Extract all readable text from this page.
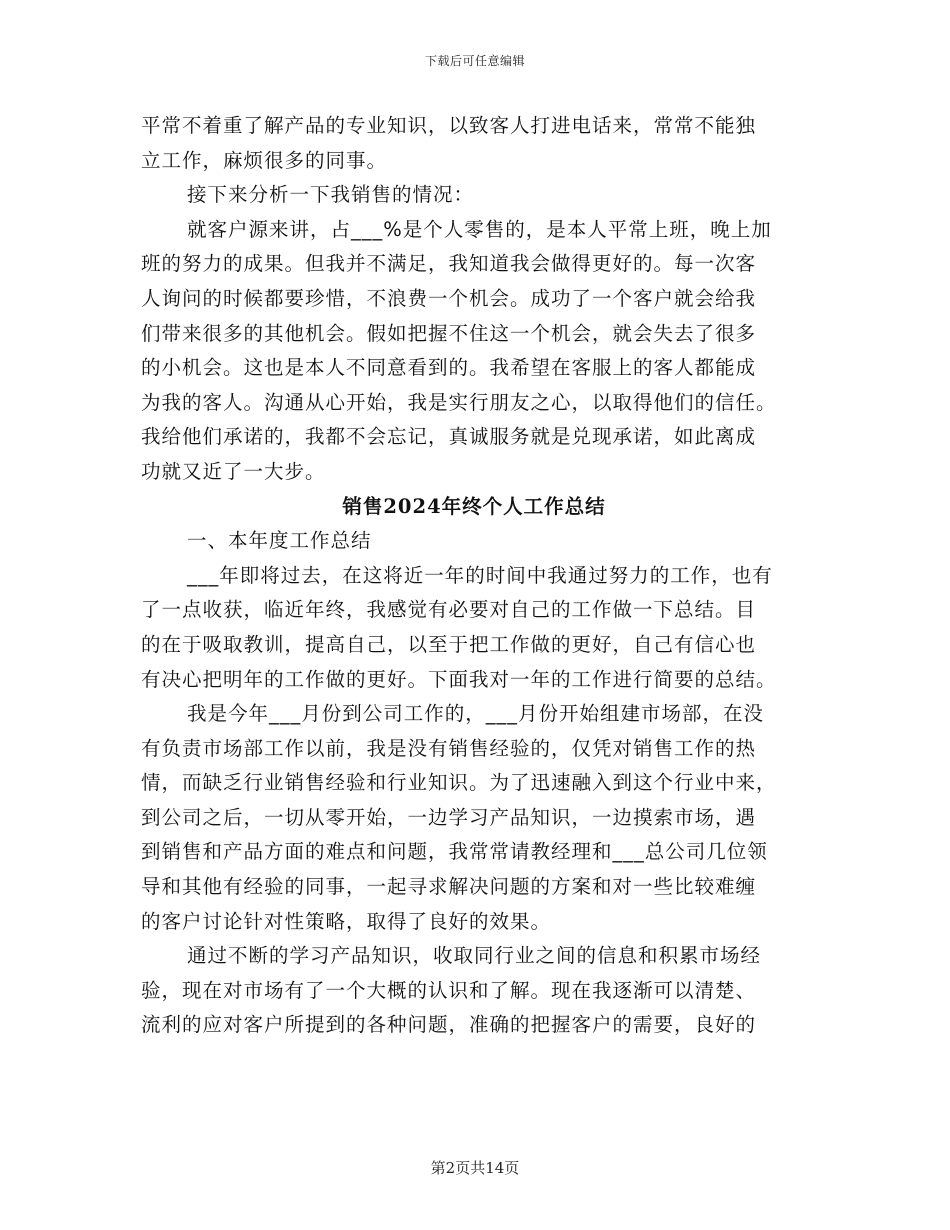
下载后可任意编辑
平常不着重了解产品的专业知识，以致客人打进电话来，常常不能独
立工作，麻烦很多的同事。
接下来分析一下我销售的情况：
就客户源来讲，占___%是个人零售的，是本人平常上班，晚上加
班的努力的成果。但我并不满足，我知道我会做得更好的。每一次客
人询问的时候都要珍惜，不浪费一个机会。成功了一个客户就会给我
们带来很多的其他机会。假如把握不住这一个机会，就会失去了很多
的小机会。这也是本人不同意看到的。我希望在客服上的客人都能成
为我的客人。沟通从心开始，我是实行朋友之心，以取得他们的信任。
我给他们承诺的，我都不会忘记，真诚服务就是兑现承诺，如此离成
功就又近了一大步。
销售2024年终个人工作总结
一、本年度工作总结
___年即将过去，在这将近一年的时间中我通过努力的工作，也有
了一点收获，临近年终，我感觉有必要对自己的工作做一下总结。目
的在于吸取教训，提高自己，以至于把工作做的更好，自己有信心也
有决心把明年的工作做的更好。下面我对一年的工作进行简要的总结。
我是今年___月份到公司工作的，___月份开始组建市场部，在没
有负责市场部工作以前，我是没有销售经验的，仅凭对销售工作的热
情，而缺乏行业销售经验和行业知识。为了迅速融入到这个行业中来，
到公司之后，一切从零开始，一边学习产品知识，一边摸索市场，遇
到销售和产品方面的难点和问题，我常常请教经理和___总公司几位领
导和其他有经验的同事，一起寻求解决问题的方案和对一些比较难缠
的客户讨论针对性策略，取得了良好的效果。
通过不断的学习产品知识，收取同行业之间的信息和积累市场经
验，现在对市场有了一个大概的认识和了解。现在我逐渐可以清楚、
流利的应对客户所提到的各种问题，准确的把握客户的需要，良好的
第2页共14页
